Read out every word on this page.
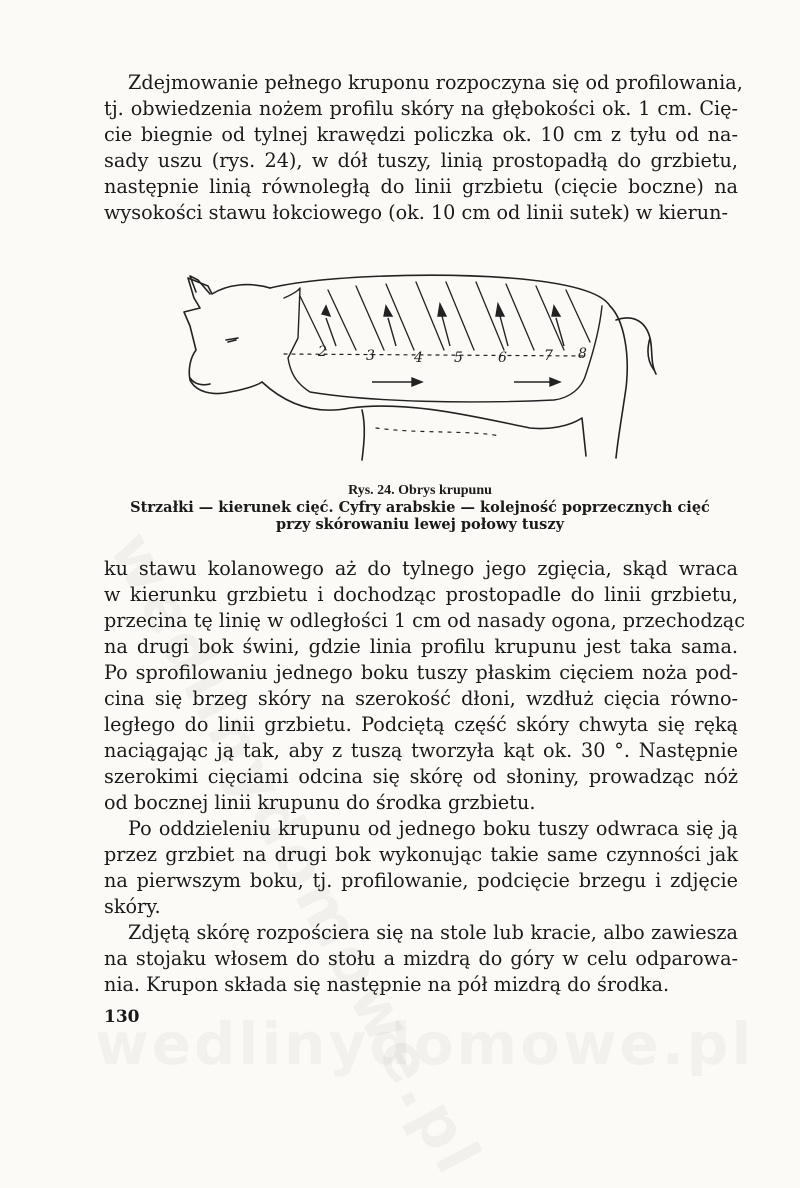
Zdejmowanie pełnego kruponu rozpoczyna się od profilowania,
tj. obwiedzenia nożem profilu skóry na głębokości ok. 1 cm. Cię-
cie biegnie od tylnej krawędzi policzka ok. 10 cm z tyłu od na-
sady uszu (rys. 24), w dół tuszy, linią prostopadłą do grzbietu,
następnie linią równoległą do linii grzbietu (cięcie boczne) na
wysokości stawu łokciowego (ok. 10 cm od linii sutek) w kierun-

2	3	4 5	6	7 8

Rys. 24. Obrys krupunu
Strzałki — kierunek cięć. Cyfry arabskie — kolejność poprzecznych cięć
przy skórowaniu lewej połowy tuszy

ku stawu kolanowego aż do tylnego jego zgięcia, skąd wraca
w kierunku grzbietu i dochodząc prostopadle do linii grzbietu,
przecina tę linię w odległości 1 cm od nasady ogona, przechodząc
na drugi bok świni, gdzie linia profilu krupunu jest taka sama.
Po sprofilowaniu jednego boku tuszy płaskim cięciem noża pod-
cina się brzeg skóry na szerokość dłoni, wzdłuż cięcia równo-
ległego do linii grzbietu. Podciętą część skóry chwyta się ręką
naciągając ją tak, aby z tuszą tworzyła kąt ok. 30 °. Następnie
szerokimi cięciami odcina się skórę od słoniny, prowadząc nóż
od bocznej linii krupunu do środka grzbietu.

Po oddzieleniu krupunu od jednego boku tuszy odwraca się ją
przez grzbiet na drugi bok wykonując takie same czynności jak
na pierwszym boku, tj. profilowanie, podcięcie brzegu i zdjęcie
skóry.

Zdjętą skórę rozpościera się na stole lub kracie, albo zawiesza
na stojaku włosem do stołu a mizdrą do góry w celu odparowa-
nia. Krupon składa się następnie na pół mizdrą do środka.

130
